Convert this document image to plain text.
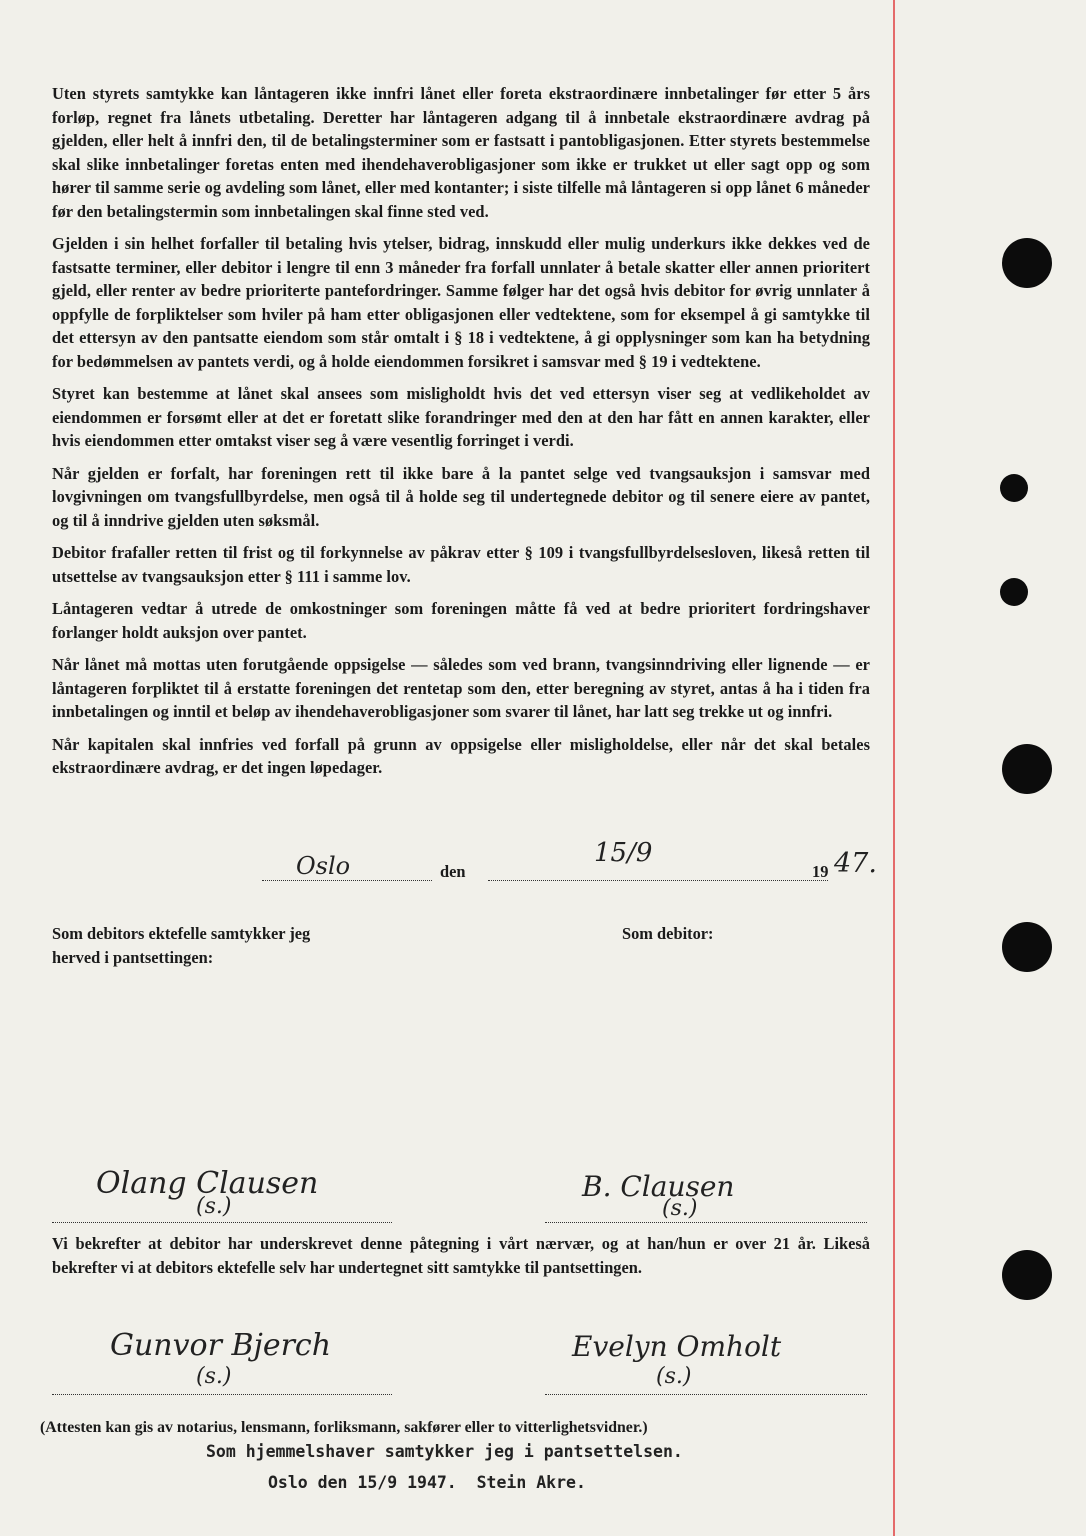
Uten styrets samtykke kan låntageren ikke innfri lånet eller foreta ekstraordinære innbetalinger før etter 5 års forløp, regnet fra lånets utbetaling. Deretter har låntageren adgang til å innbetale ekstraordinære avdrag på gjelden, eller helt å innfri den, til de betalingsterminer som er fastsatt i pantobligasjonen. Etter styrets bestemmelse skal slike innbetalinger foretas enten med ihendehaverobligasjoner som ikke er trukket ut eller sagt opp og som hører til samme serie og avdeling som lånet, eller med kontanter; i siste tilfelle må låntageren si opp lånet 6 måneder før den betalingstermin som innbetalingen skal finne sted ved.

Gjelden i sin helhet forfaller til betaling hvis ytelser, bidrag, innskudd eller mulig underkurs ikke dekkes ved de fastsatte terminer, eller debitor i lengre til enn 3 måneder fra forfall unnlater å betale skatter eller annen prioritert gjeld, eller renter av bedre prioriterte pantefordringer. Samme følger har det også hvis debitor for øvrig unnlater å oppfylle de forpliktelser som hviler på ham etter obligasjonen eller vedtektene, som for eksempel å gi samtykke til det ettersyn av den pantsatte eiendom som står omtalt i § 18 i vedtektene, å gi opplysninger som kan ha betydning for bedømmelsen av pantets verdi, og å holde eiendommen forsikret i samsvar med § 19 i vedtektene.

Styret kan bestemme at lånet skal ansees som misligholdt hvis det ved ettersyn viser seg at vedlikeholdet av eiendommen er forsømt eller at det er foretatt slike forandringer med den at den har fått en annen karakter, eller hvis eiendommen etter omtakst viser seg å være vesentlig forringet i verdi.

Når gjelden er forfalt, har foreningen rett til ikke bare å la pantet selge ved tvangsauksjon i samsvar med lovgivningen om tvangsfullbyrdelse, men også til å holde seg til undertegnede debitor og til senere eiere av pantet, og til å inndrive gjelden uten søksmål.

Debitor frafaller retten til frist og til forkynnelse av påkrav etter § 109 i tvangsfullbyrdelsesloven, likeså retten til utsettelse av tvangsauksjon etter § 111 i samme lov.

Låntageren vedtar å utrede de omkostninger som foreningen måtte få ved at bedre prioritert fordringshaver forlanger holdt auksjon over pantet.

Når lånet må mottas uten forutgående oppsigelse — således som ved brann, tvangsinndriving eller lignende — er låntageren forpliktet til å erstatte foreningen det rentetap som den, etter beregning av styret, antas å ha i tiden fra innbetalingen og inntil et beløp av ihendehaverobligasjoner som svarer til lånet, har latt seg trekke ut og innfri.

Når kapitalen skal innfries ved forfall på grunn av oppsigelse eller misligholdelse, eller når det skal betales ekstraordinære avdrag, er det ingen løpedager.

Oslo	den
15/9
19 47.
Som debitors ektefelle samtykker jeg
herved i pantsettingen:
Som debitor:
Olang Clausen
(s.)
B. Clausen
(s.)
Vi bekrefter at debitor har underskrevet denne påtegning i vårt nærvær, og at han/hun er over 21 år. Likeså bekrefter vi at debitors ektefelle selv har undertegnet sitt samtykke til pantsettingen.
Gunvor Bjerch
(s.)
Evelyn Omholt
(s.)
(Attesten kan gis av notarius, lensmann, forliksmann, sakfører eller to vitterlighetsvidner.)
Som hjemmelshaver samtykker jeg i pantsettelsen.
Oslo den 15/9 1947.  Stein Akre.
